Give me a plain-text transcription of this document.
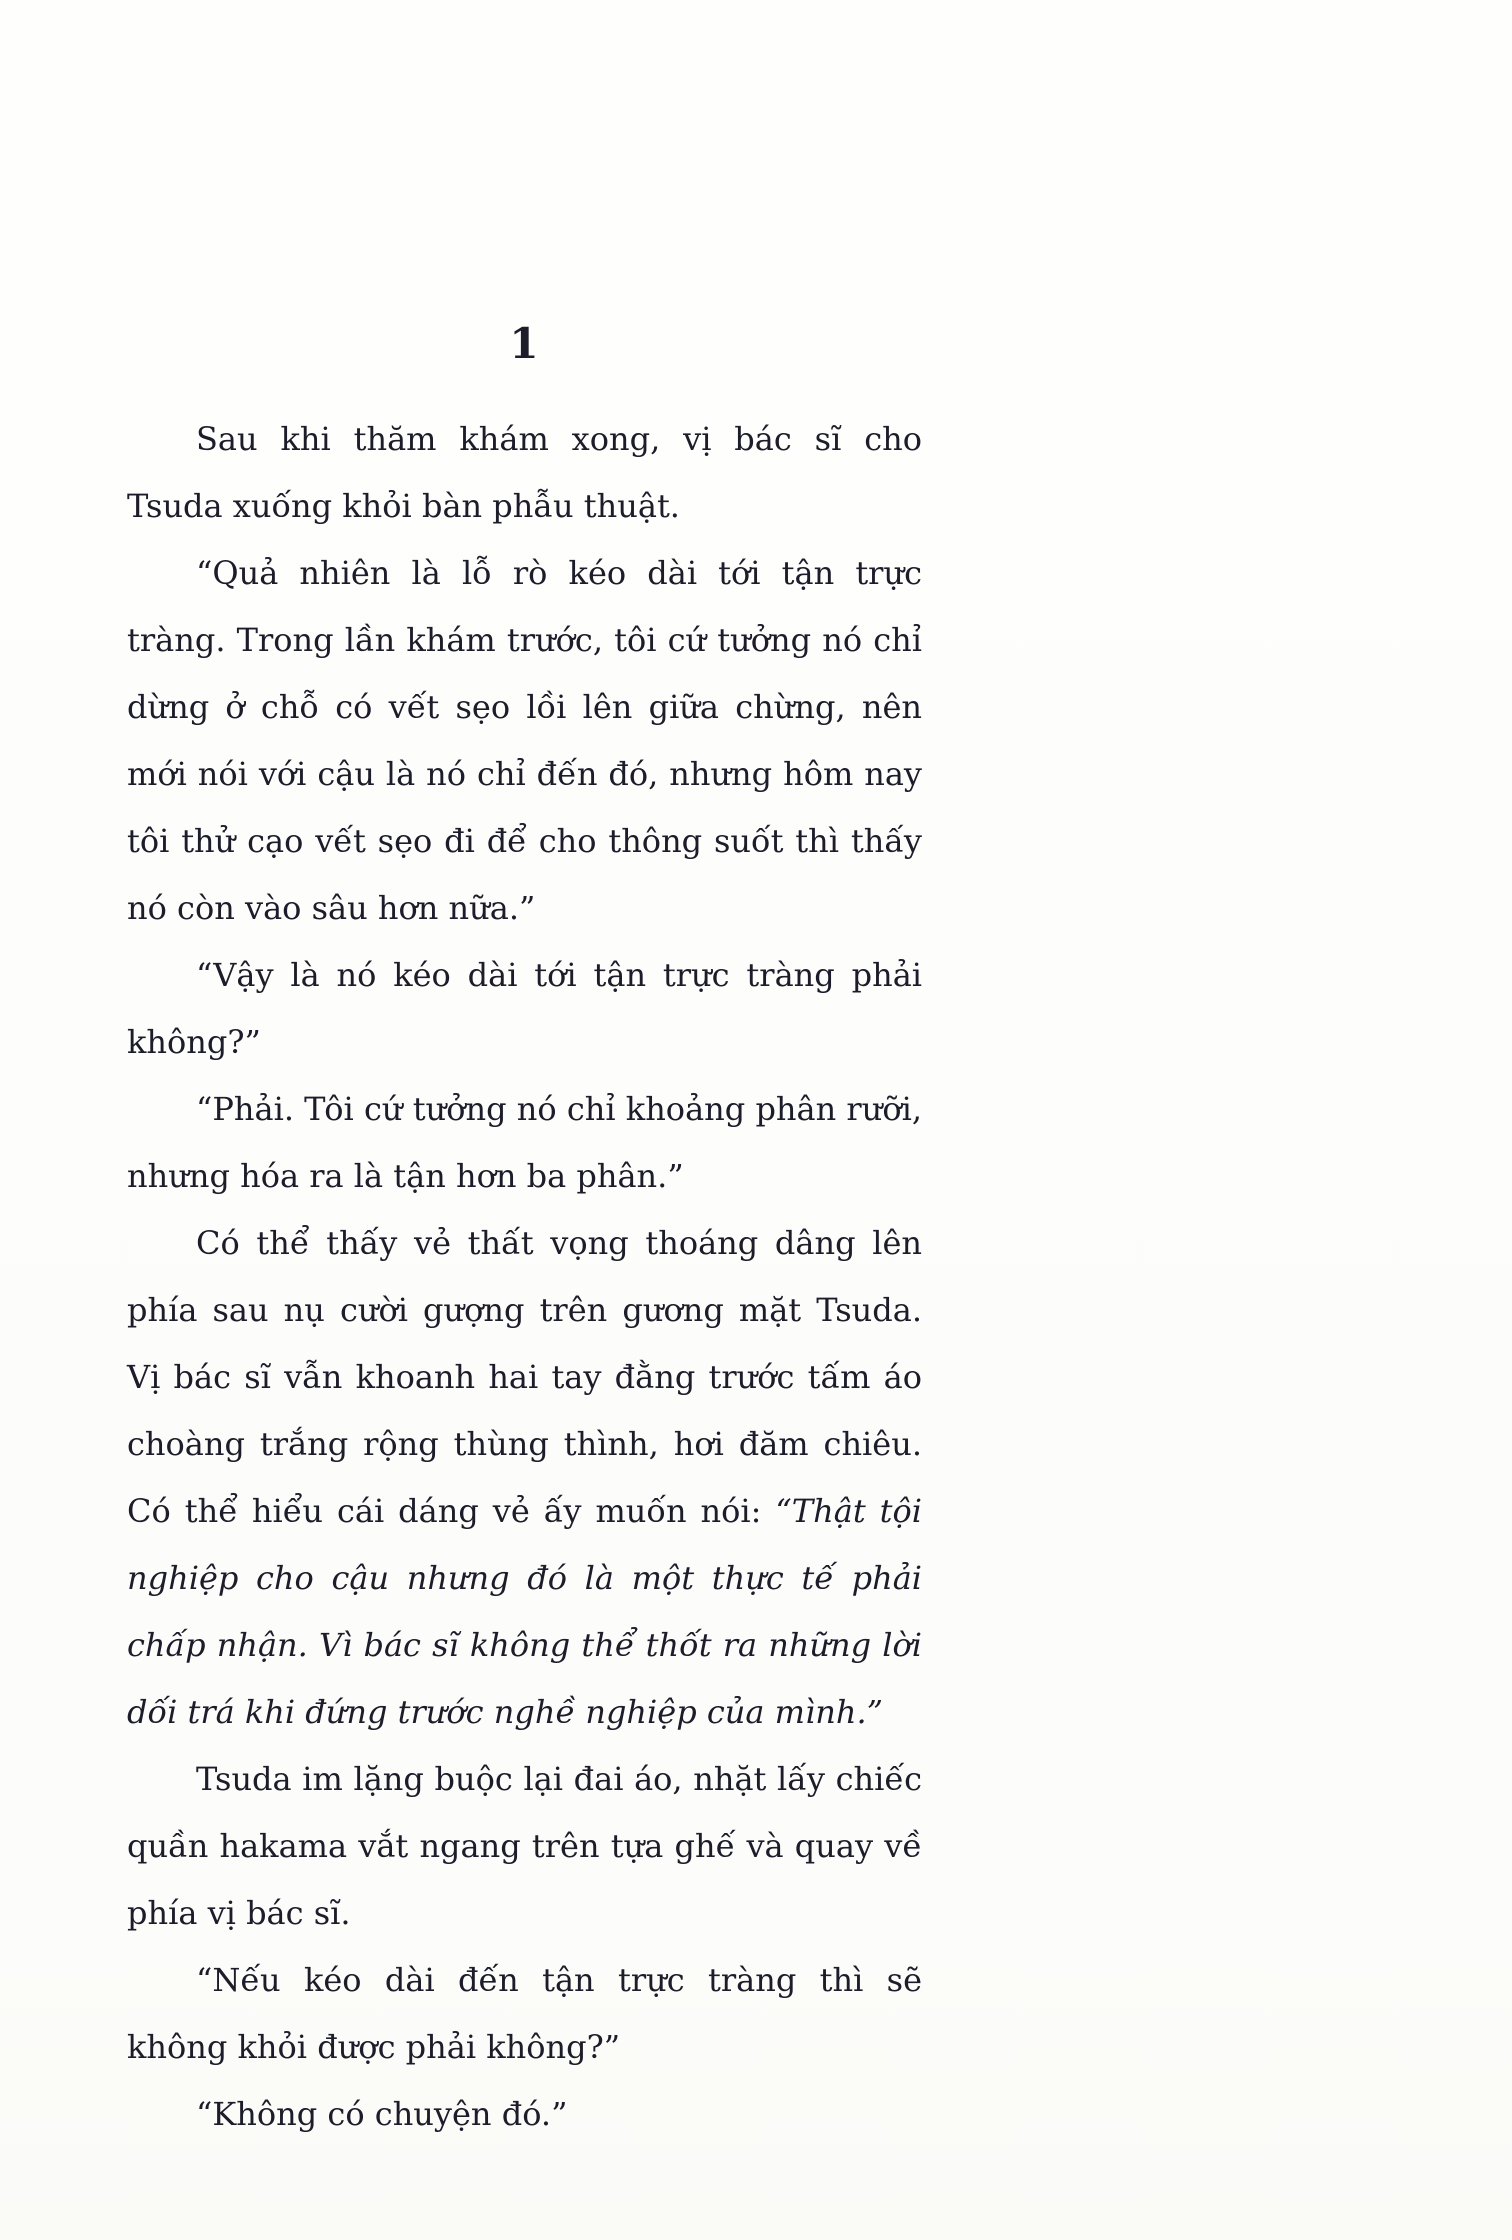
1

Sau khi thăm khám xong, vị bác sĩ cho Tsuda xuống khỏi bàn phẫu thuật.

“Quả nhiên là lỗ rò kéo dài tới tận trực tràng. Trong lần khám trước, tôi cứ tưởng nó chỉ dừng ở chỗ có vết sẹo lồi lên giữa chừng, nên mới nói với cậu là nó chỉ đến đó, nhưng hôm nay tôi thử cạo vết sẹo đi để cho thông suốt thì thấy nó còn vào sâu hơn nữa.”

“Vậy là nó kéo dài tới tận trực tràng phải không?”

“Phải. Tôi cứ tưởng nó chỉ khoảng phân rưỡi, nhưng hóa ra là tận hơn ba phân.”

Có thể thấy vẻ thất vọng thoáng dâng lên phía sau nụ cười gượng trên gương mặt Tsuda. Vị bác sĩ vẫn khoanh hai tay đằng trước tấm áo choàng trắng rộng thùng thình, hơi đăm chiêu. Có thể hiểu cái dáng vẻ ấy muốn nói: “Thật tội nghiệp cho cậu nhưng đó là một thực tế phải chấp nhận. Vì bác sĩ không thể thốt ra những lời dối trá khi đứng trước nghề nghiệp của mình.”

Tsuda im lặng buộc lại đai áo, nhặt lấy chiếc quần hakama vắt ngang trên tựa ghế và quay về phía vị bác sĩ.

“Nếu kéo dài đến tận trực tràng thì sẽ không khỏi được phải không?”

“Không có chuyện đó.”
